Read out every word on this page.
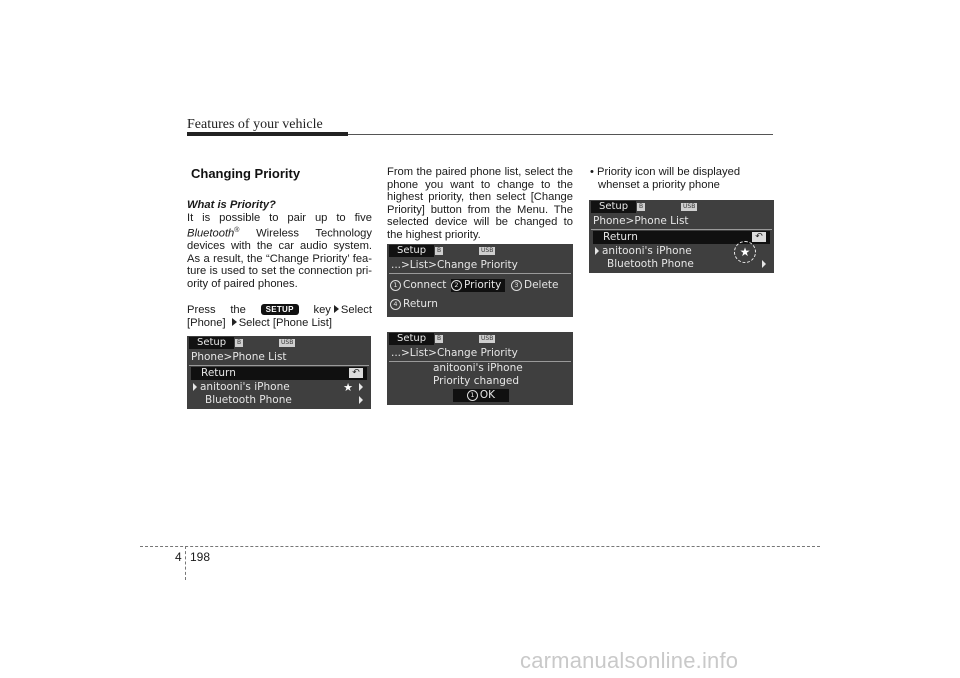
Features of your vehicle
Changing Priority
What is Priority?
It is possible to pair up to five Bluetooth® Wireless Technology devices with the car audio system. As a result, the “Change Priority’ fea-ture is used to set the connection pri-ority of paired phones.
Press the SETUP key Select [Phone] Select [Phone List]
Setup	B	USB
Phone>Phone List
Return	↶
anitooni's iPhone	★
Bluetooth Phone
From the paired phone list, select the phone you want to change to the highest priority, then select [Change Priority] button from the Menu. The selected device will be changed to the highest priority.
Setup	B	USB
...>List>Change Priority
1 Connect	2 Priority	3 Delete
4 Return
Setup	B	USB
...>List>Change Priority
anitooni's iPhone
Priority changed
1 OK
• Priority icon will be displayed
whenset a priority phone
Setup	B	USB
Phone>Phone List
Return	↶
anitooni's iPhone
Bluetooth Phone
★
4 198
carmanualsonline.info
